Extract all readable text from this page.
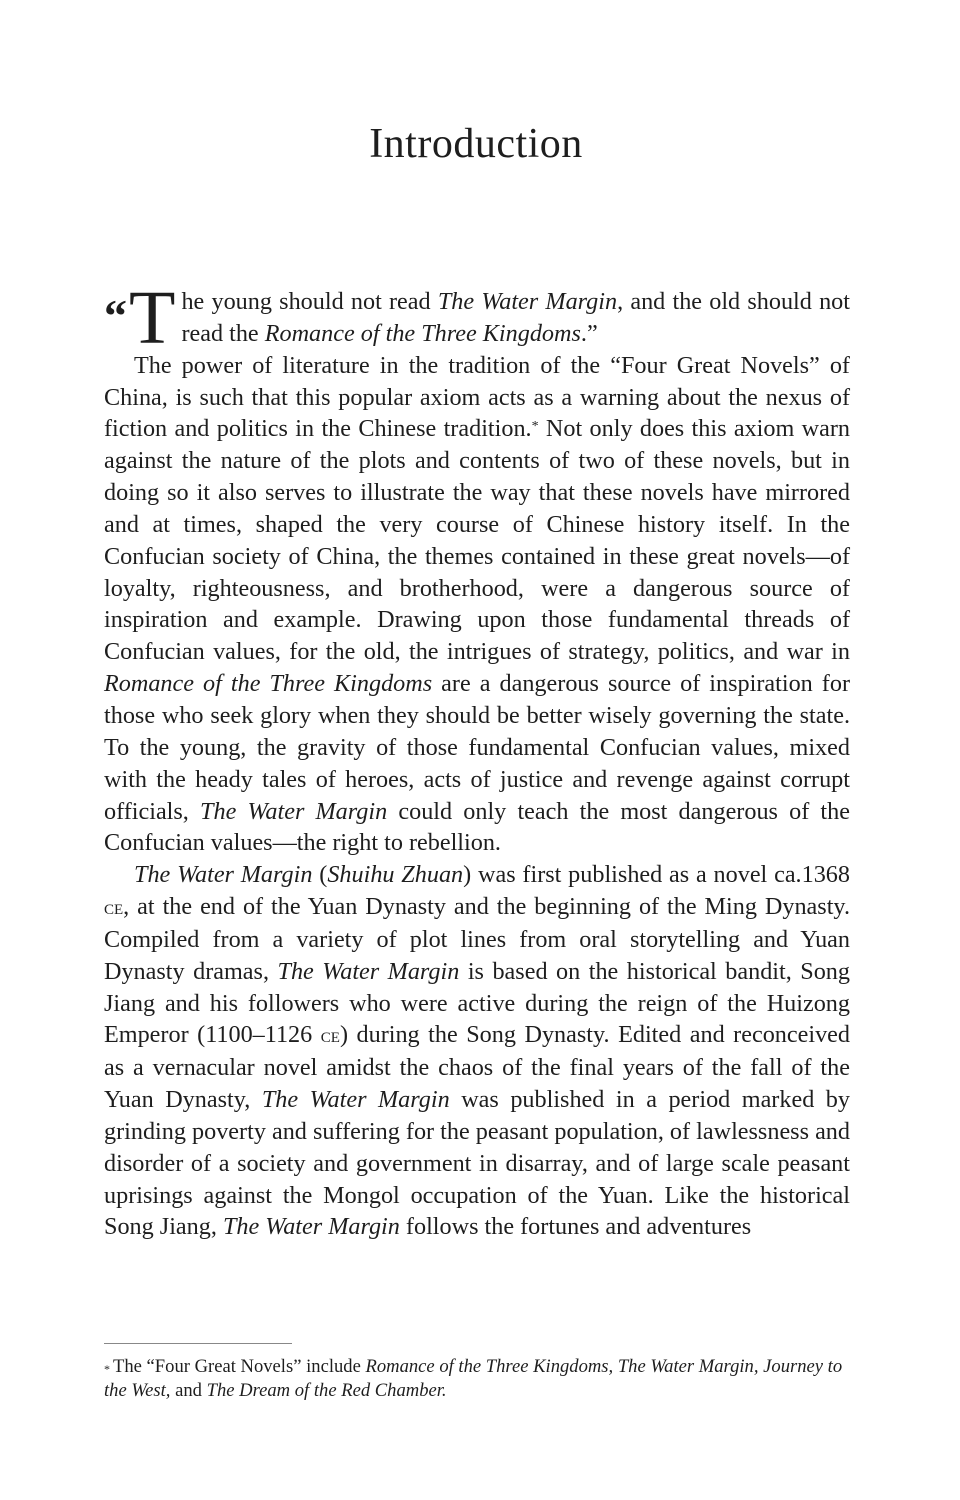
Introduction

“T he young should not read The Water Margin, and the old should not read the Romance of the Three Kingdoms.”

The power of literature in the tradition of the “Four Great Novels” of China, is such that this popular axiom acts as a warning about the nexus of fiction and politics in the Chinese tradition.* Not only does this axiom warn against the nature of the plots and contents of two of these novels, but in doing so it also serves to illustrate the way that these novels have mirrored and at times, shaped the very course of Chinese history itself. In the Confucian society of China, the themes contained in these great novels—of loyalty, righteousness, and brotherhood, were a dangerous source of inspiration and example. Drawing upon those fundamental threads of Confucian values, for the old, the intrigues of strategy, politics, and war in Romance of the Three Kingdoms are a dangerous source of inspiration for those who seek glory when they should be better wisely governing the state. To the young, the gravity of those fundamental Confucian values, mixed with the heady tales of heroes, acts of justice and revenge against corrupt officials, The Water Margin could only teach the most dangerous of the Confucian values—the right to rebellion.

The Water Margin (Shuihu Zhuan) was first published as a novel ca.1368 ce, at the end of the Yuan Dynasty and the beginning of the Ming Dynasty. Compiled from a variety of plot lines from oral storytelling and Yuan Dynasty dramas, The Water Margin is based on the historical bandit, Song Jiang and his followers who were active during the reign of the Huizong Emperor (1100–1126 ce) during the Song Dynasty. Edited and reconceived as a vernacular novel amidst the chaos of the final years of the fall of the Yuan Dynasty, The Water Margin was published in a period marked by grinding poverty and suffering for the peasant population, of lawlessness and disorder of a society and government in disarray, and of large scale peasant uprisings against the Mongol occupation of the Yuan. Like the historical Song Jiang, The Water Margin follows the fortunes and adventures

* The “Four Great Novels” include Romance of the Three Kingdoms, The Water Margin, Journey to the West, and The Dream of the Red Chamber.
